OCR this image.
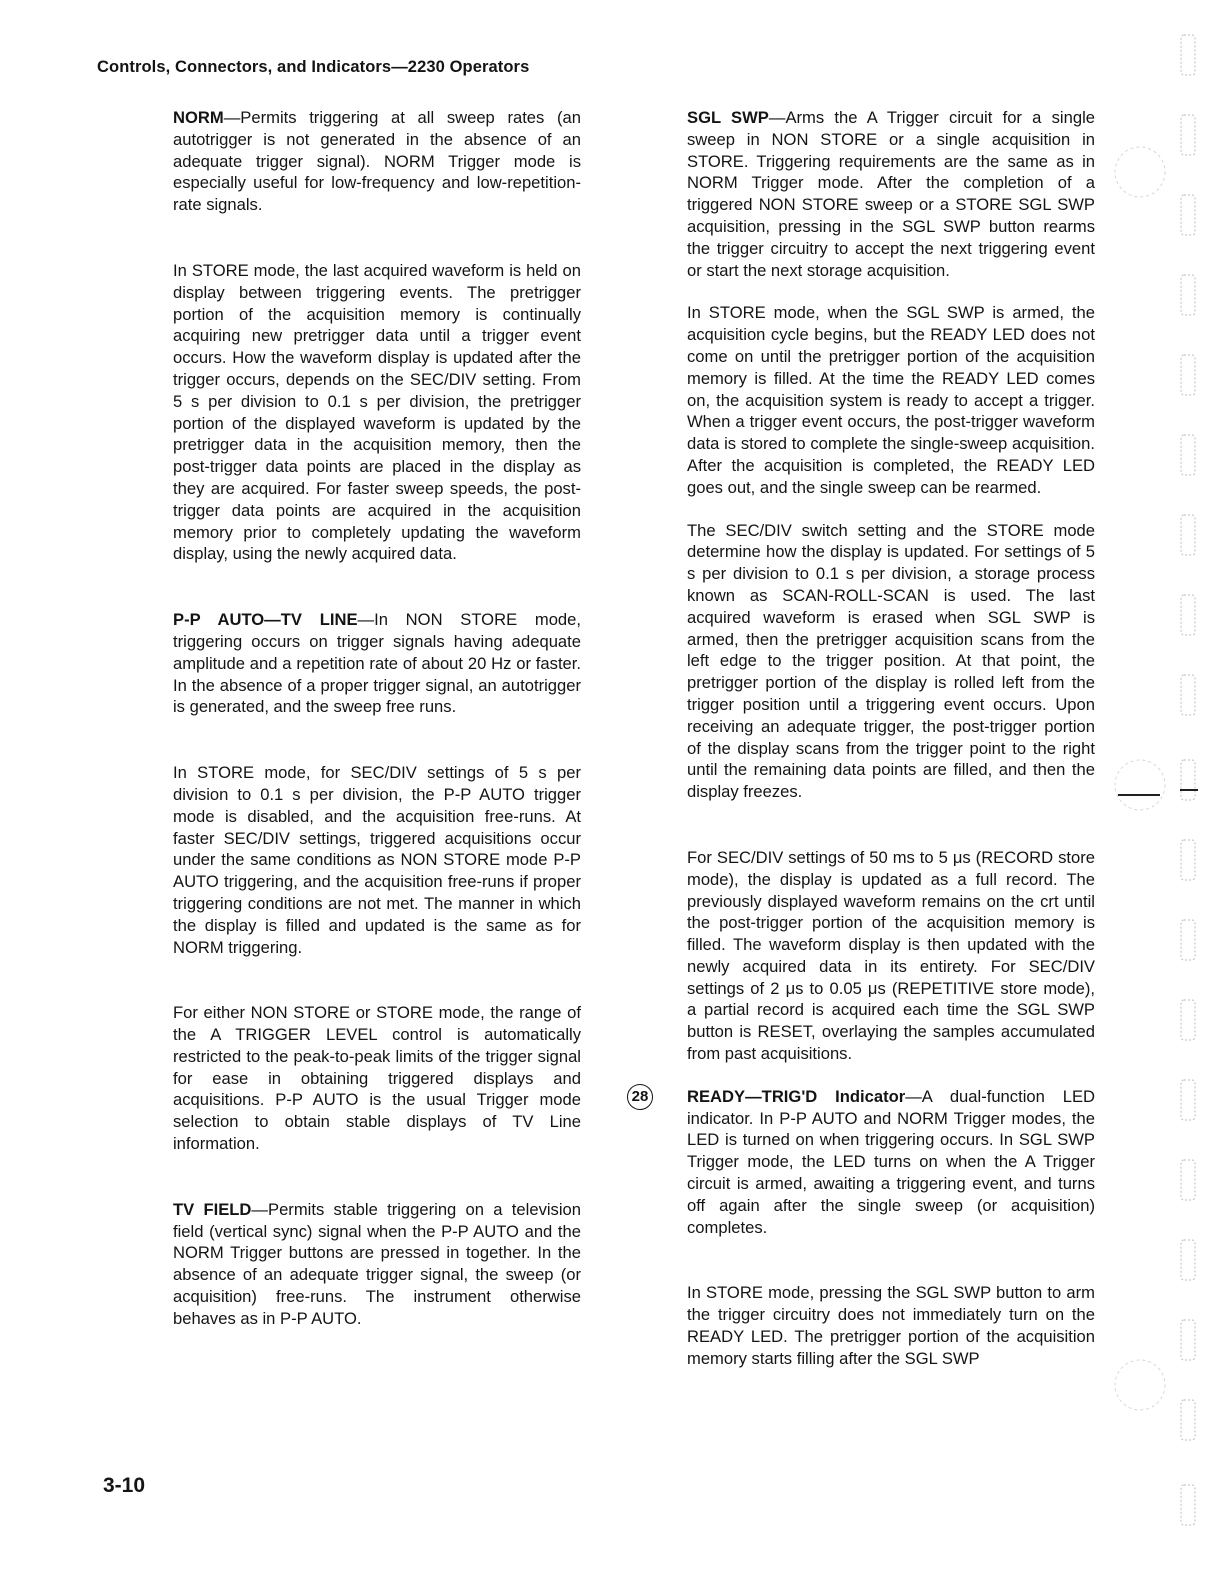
Controls, Connectors, and Indicators—2230 Operators

NORM—Permits triggering at all sweep rates (an autotrigger is not generated in the absence of an adequate trigger signal). NORM Trigger mode is especially useful for low-frequency and low-repetition-rate signals.

In STORE mode, the last acquired waveform is held on display between triggering events. The pretrigger portion of the acquisition memory is continually acquiring new pretrigger data until a trigger event occurs. How the waveform display is updated after the trigger occurs, depends on the SEC/DIV setting. From 5 s per division to 0.1 s per division, the pretrigger portion of the displayed waveform is updated by the pretrigger data in the acquisition memory, then the post-trigger data points are placed in the display as they are acquired. For faster sweep speeds, the post-trigger data points are acquired in the acquisition memory prior to completely updating the waveform display, using the newly acquired data.

P-P AUTO—TV LINE—In NON STORE mode, triggering occurs on trigger signals having adequate amplitude and a repetition rate of about 20 Hz or faster. In the absence of a proper trigger signal, an autotrigger is generated, and the sweep free runs.

In STORE mode, for SEC/DIV settings of 5 s per division to 0.1 s per division, the P-P AUTO trigger mode is disabled, and the acquisition free-runs. At faster SEC/DIV settings, triggered acquisitions occur under the same conditions as NON STORE mode P-P AUTO triggering, and the acquisition free-runs if proper triggering conditions are not met. The manner in which the display is filled and updated is the same as for NORM triggering.

For either NON STORE or STORE mode, the range of the A TRIGGER LEVEL control is automatically restricted to the peak-to-peak limits of the trigger signal for ease in obtaining triggered displays and acquisitions. P-P AUTO is the usual Trigger mode selection to obtain stable displays of TV Line information.

TV FIELD—Permits stable triggering on a television field (vertical sync) signal when the P-P AUTO and the NORM Trigger buttons are pressed in together. In the absence of an adequate trigger signal, the sweep (or acquisition) free-runs. The instrument otherwise behaves as in P-P AUTO.

SGL SWP—Arms the A Trigger circuit for a single sweep in NON STORE or a single acquisition in STORE. Triggering requirements are the same as in NORM Trigger mode. After the completion of a triggered NON STORE sweep or a STORE SGL SWP acquisition, pressing in the SGL SWP button rearms the trigger circuitry to accept the next triggering event or start the next storage acquisition.

In STORE mode, when the SGL SWP is armed, the acquisition cycle begins, but the READY LED does not come on until the pretrigger portion of the acquisition memory is filled. At the time the READY LED comes on, the acquisition system is ready to accept a trigger. When a trigger event occurs, the post-trigger waveform data is stored to complete the single-sweep acquisition. After the acquisition is completed, the READY LED goes out, and the single sweep can be rearmed.

The SEC/DIV switch setting and the STORE mode determine how the display is updated. For settings of 5 s per division to 0.1 s per division, a storage process known as SCAN-ROLL-SCAN is used. The last acquired waveform is erased when SGL SWP is armed, then the pretrigger acquisition scans from the left edge to the trigger position. At that point, the pretrigger portion of the display is rolled left from the trigger position until a triggering event occurs. Upon receiving an adequate trigger, the post-trigger portion of the display scans from the trigger point to the right until the remaining data points are filled, and then the display freezes.

For SEC/DIV settings of 50 ms to 5 μs (RECORD store mode), the display is updated as a full record. The previously displayed waveform remains on the crt until the post-trigger portion of the acquisition memory is filled. The waveform display is then updated with the newly acquired data in its entirety. For SEC/DIV settings of 2 μs to 0.05 μs (REPETITIVE store mode), a partial record is acquired each time the SGL SWP button is RESET, overlaying the samples accumulated from past acquisitions.

28 READY—TRIG'D Indicator—A dual-function LED indicator. In P-P AUTO and NORM Trigger modes, the LED is turned on when triggering occurs. In SGL SWP Trigger mode, the LED turns on when the A Trigger circuit is armed, awaiting a triggering event, and turns off again after the single sweep (or acquisition) completes.

In STORE mode, pressing the SGL SWP button to arm the trigger circuitry does not immediately turn on the READY LED. The pretrigger portion of the acquisition memory starts filling after the SGL SWP

3-10
